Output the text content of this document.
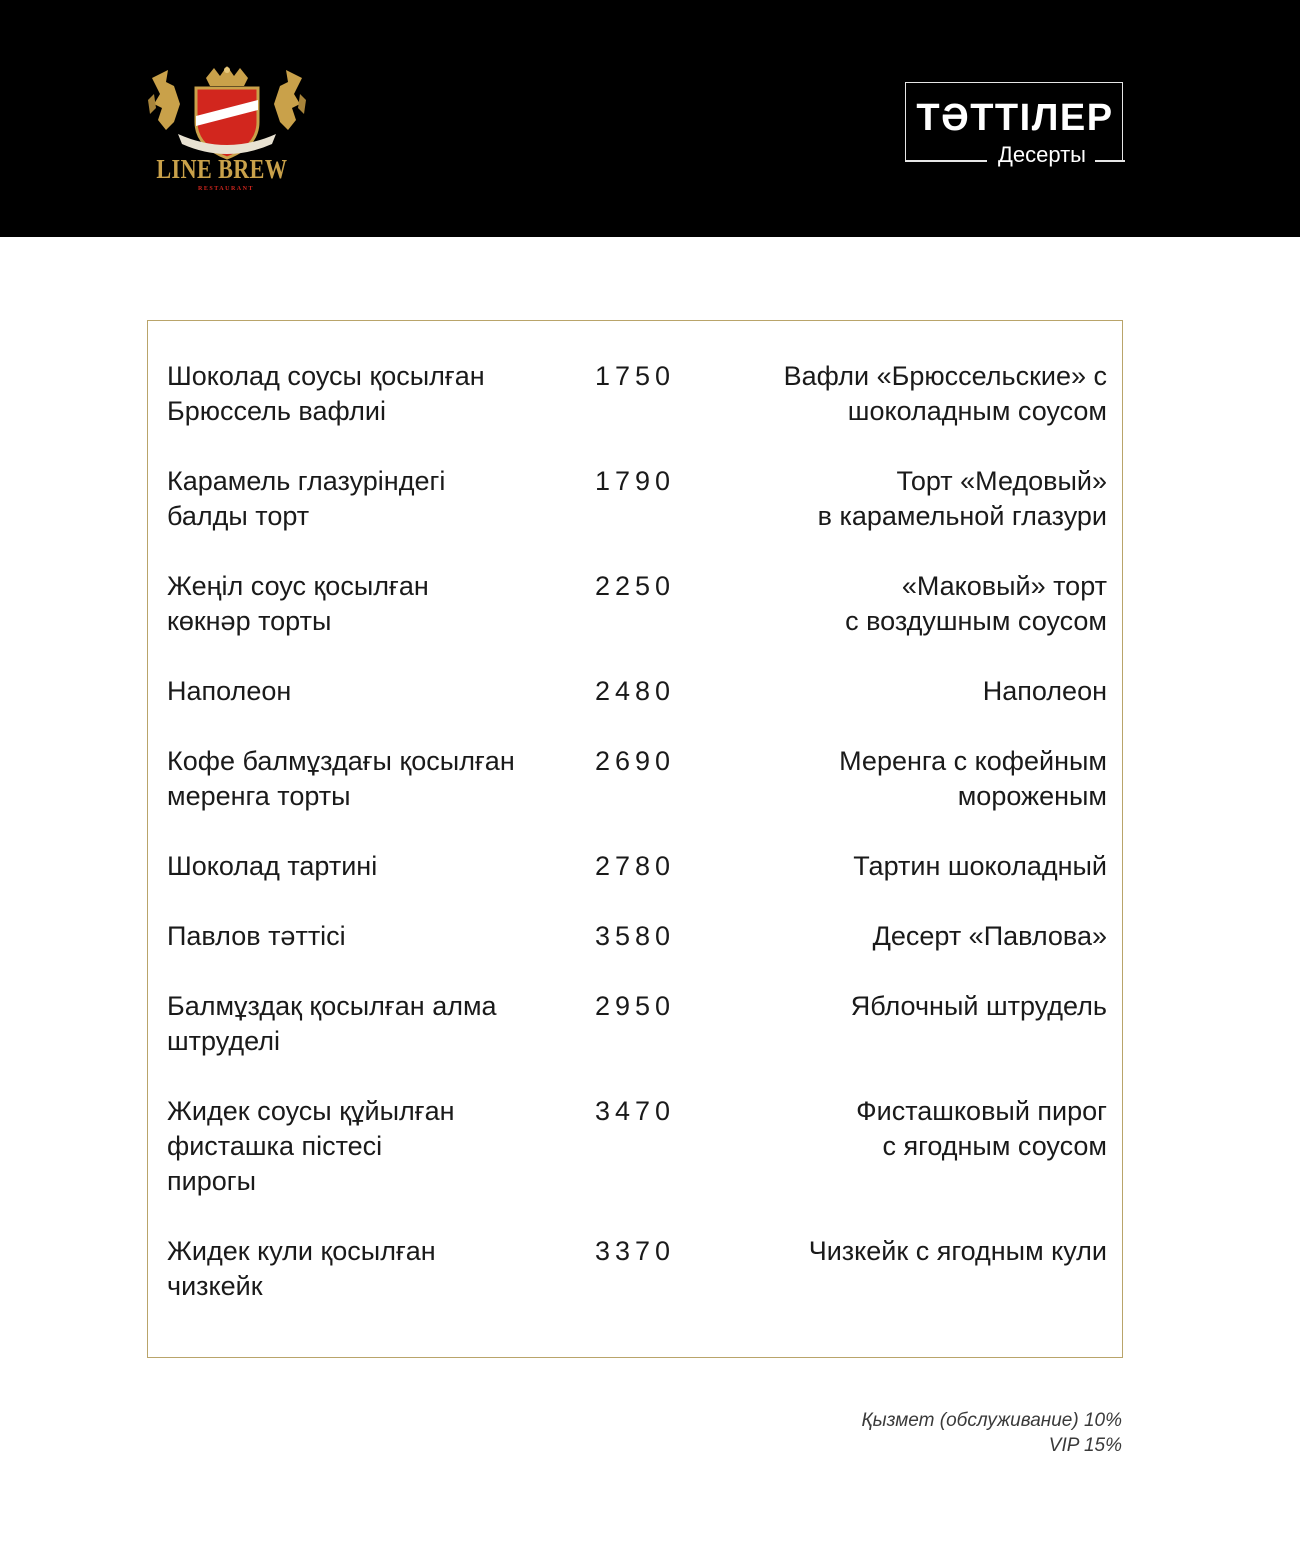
LINE BREW
RESTAURANT
ТӘТТІЛЕР
Десерты
Шоколад соусы қосылған
Брюссель вафлиі
1750	Вафли «Брюссельские» с
шоколадным соусом
Карамель глазуріндегі
балды торт
1790	Торт «Медовый»
в карамельной глазури
Жеңіл соус қосылған
көкнәр торты
2250	«Маковый» торт
с воздушным соусом
Наполеон	2480	Наполеон
Кофе балмұздағы қосылған
меренга торты
2690	Меренга с кофейным
мороженым
Шоколад тартині	2780	Тартин шоколадный
Павлов тәттісі	3580	Десерт «Павлова»
Балмұздақ қосылған алма
штруделі
2950	Яблочный штрудель
Жидек соусы құйылған
фисташка пістесі
пирогы
3470	Фисташковый пирог
с ягодным соусом
Жидек кули қосылған
чизкейк
3370	Чизкейк с ягодным кули
Қызмет (обслуживание) 10%
VIP 15%
